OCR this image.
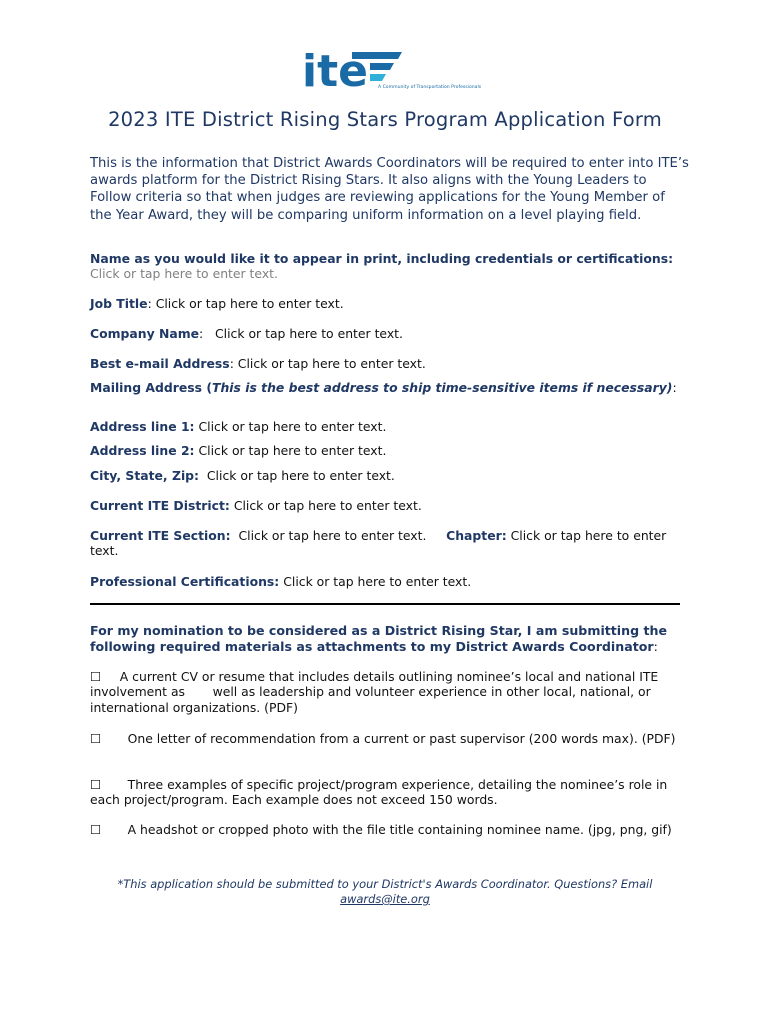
ite A Community of Transportation Professionals
2023 ITE District Rising Stars Program Application Form
This is the information that District Awards Coordinators will be required to enter into ITE’s awards platform for the District Rising Stars. It also aligns with the Young Leaders to Follow criteria so that when judges are reviewing applications for the Young Member of the Year Award, they will be comparing uniform information on a level playing field.
Name as you would like it to appear in print, including credentials or certifications: Click or tap here to enter text.
Job Title: Click or tap here to enter text.
Company Name:   Click or tap here to enter text.
Best e-mail Address: Click or tap here to enter text.
Mailing Address (This is the best address to ship time-sensitive items if necessary):
Address line 1: Click or tap here to enter text.
Address line 2: Click or tap here to enter text.
City, State, Zip: Click or tap here to enter text.
Current ITE District: Click or tap here to enter text.
Current ITE Section: Click or tap here to enter text. Chapter: Click or tap here to enter text.
Professional Certifications: Click or tap here to enter text.
For my nomination to be considered as a District Rising Star, I am submitting the following required materials as attachments to my District Awards Coordinator:
☐ A current CV or resume that includes details outlining nominee’s local and national ITE involvement as       well as leadership and volunteer experience in other local, national, or international organizations. (PDF)
☐ One letter of recommendation from a current or past supervisor (200 words max). (PDF)
☐ Three examples of specific project/program experience, detailing the nominee’s role in each project/program. Each example does not exceed 150 words.
☐ A headshot or cropped photo with the file title containing nominee name. (jpg, png, gif)
*This application should be submitted to your District's Awards Coordinator. Questions? Email
awards@ite.org
